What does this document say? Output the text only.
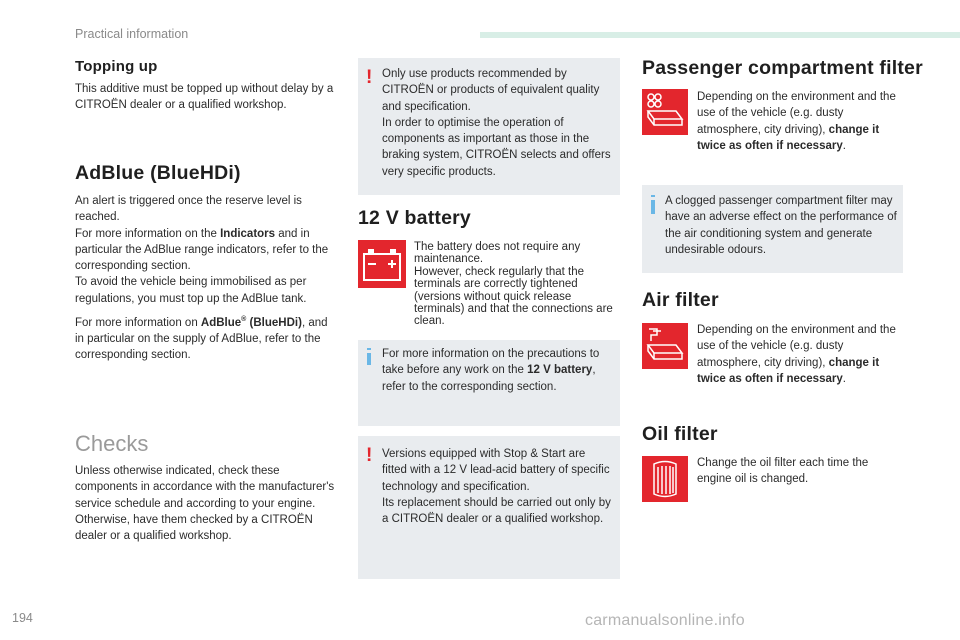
Practical information
Topping up

This additive must be topped up without delay by a CITROËN dealer or a qualified workshop.

AdBlue (BlueHDi)
An alert is triggered once the reserve level is reached.
For more information on the Indicators and in particular the AdBlue range indicators, refer to the corresponding section.
To avoid the vehicle being immobilised as per regulations, you must top up the AdBlue tank.
For more information on AdBlue® (BlueHDi), and in particular on the supply of AdBlue, refer to the corresponding section.
Checks
Unless otherwise indicated, check these components in accordance with the manufacturer's service schedule and according to your engine.
Otherwise, have them checked by a CITROËN dealer or a qualified workshop.
! Only use products recommended by CITROËN or products of equivalent quality and specification.
In order to optimise the operation of components as important as those in the braking system, CITROËN selects and offers very specific products.
12 V battery
The battery does not require any maintenance.
However, check regularly that the terminals are correctly tightened (versions without quick release terminals) and that the connections are clean.
For more information on the precautions to take before any work on the 12 V battery, refer to the corresponding section.
! Versions equipped with Stop & Start are fitted with a 12 V lead-acid battery of specific technology and specification.
Its replacement should be carried out only by a CITROËN dealer or a qualified workshop.
Passenger compartment filter
Depending on the environment and the use of the vehicle (e.g. dusty atmosphere, city driving), change it twice as often if necessary.
A clogged passenger compartment filter may have an adverse effect on the performance of the air conditioning system and generate undesirable odours.
Air filter
Depending on the environment and the use of the vehicle (e.g. dusty atmosphere, city driving), change it twice as often if necessary.
Oil filter
Change the oil filter each time the engine oil is changed.
194	carmanualsonline.info
